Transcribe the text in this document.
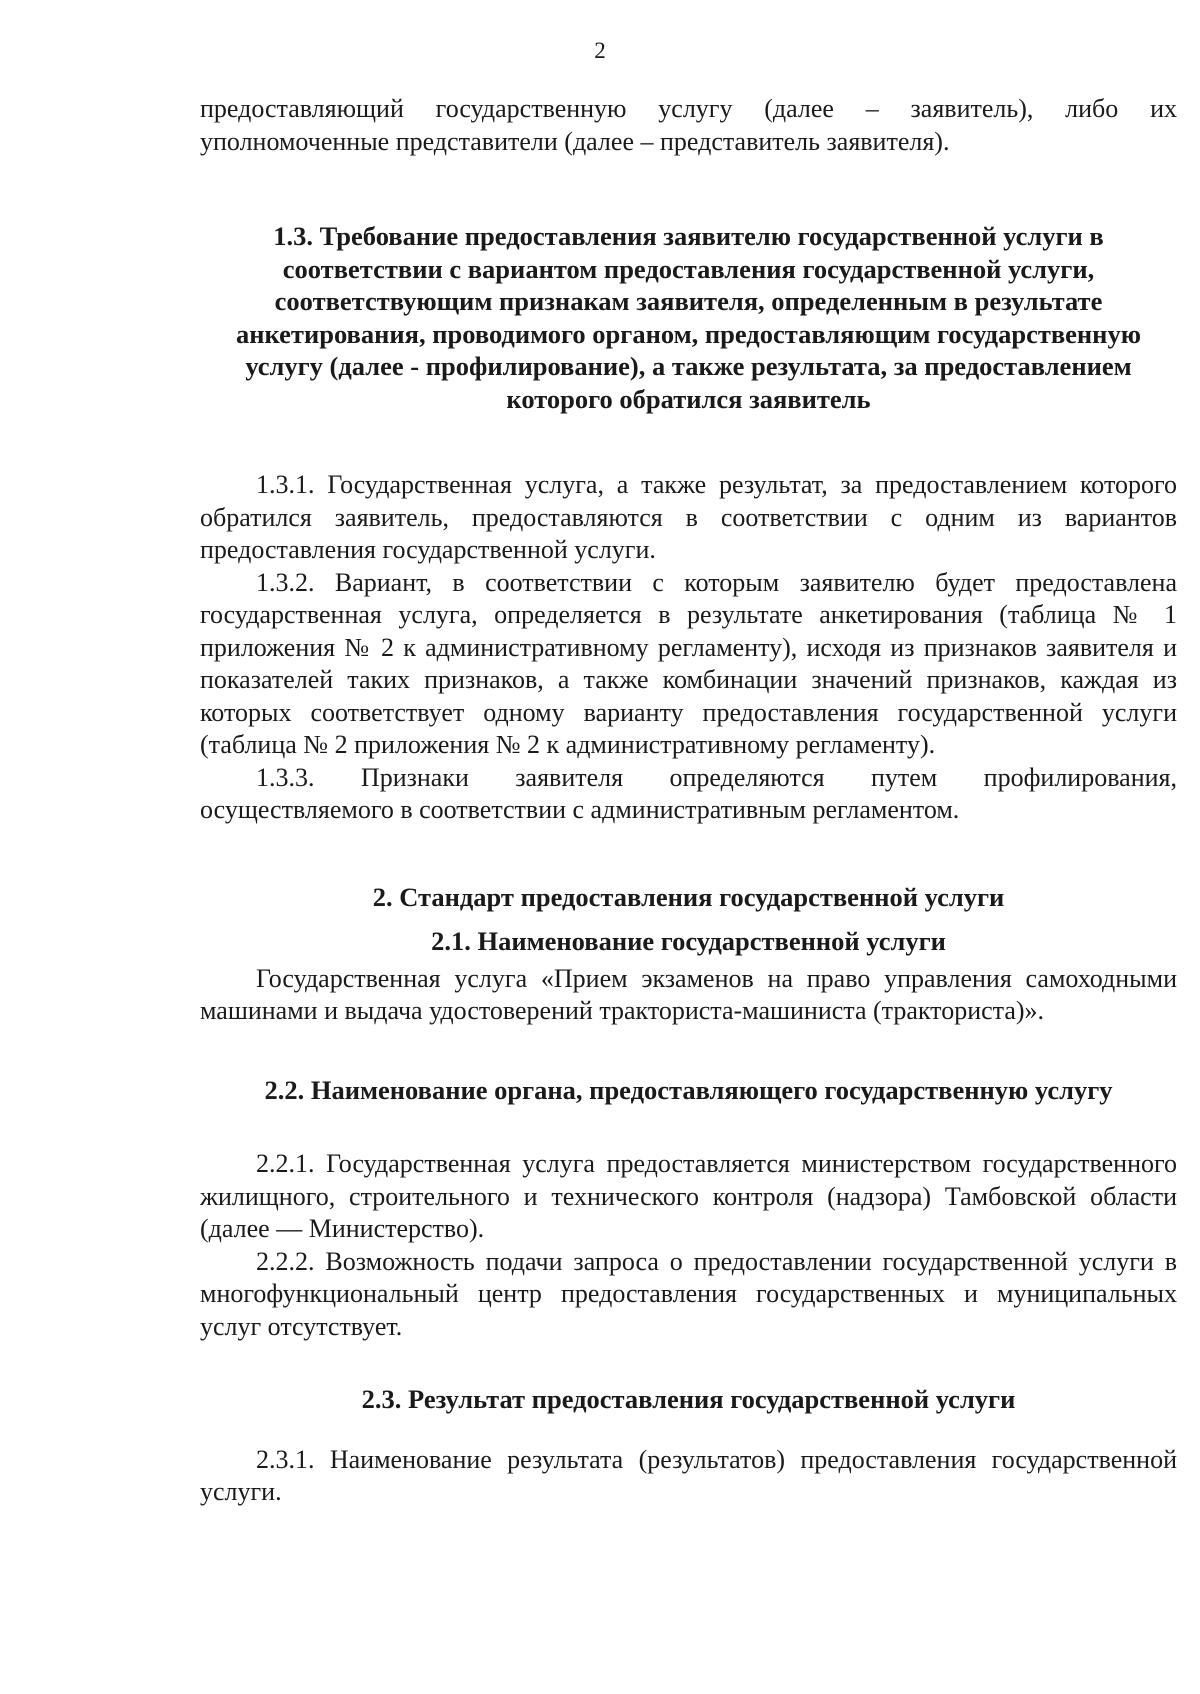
2

предоставляющий государственную услугу (далее – заявитель), либо их уполномоченные представители (далее – представитель заявителя).

1.3. Требование предоставления заявителю государственной услуги в соответствии с вариантом предоставления государственной услуги, соответствующим признакам заявителя, определенным в результате анкетирования, проводимого органом, предоставляющим государственную услугу (далее - профилирование), а также результата, за предоставлением которого обратился заявитель

1.3.1. Государственная услуга, а также результат, за предоставлением которого обратился заявитель, предоставляются в соответствии с одним из вариантов предоставления государственной услуги.

1.3.2. Вариант, в соответствии с которым заявителю будет предоставлена государственная услуга, определяется в результате анкетирования (таблица № 1 приложения № 2 к административному регламенту), исходя из признаков заявителя и показателей таких признаков, а также комбинации значений признаков, каждая из которых соответствует одному варианту предоставления государственной услуги (таблица № 2 приложения № 2 к административному регламенту).

1.3.3. Признаки заявителя определяются путем профилирования, осуществляемого в соответствии с административным регламентом.

2. Стандарт предоставления государственной услуги
2.1. Наименование государственной услуги

Государственная услуга «Прием экзаменов на право управления самоходными машинами и выдача удостоверений тракториста-машиниста (тракториста)».

2.2. Наименование органа, предоставляющего государственную услугу

2.2.1. Государственная услуга предоставляется министерством государственного жилищного, строительного и технического контроля (надзора) Тамбовской области (далее — Министерство).

2.2.2. Возможность подачи запроса о предоставлении государственной услуги в многофункциональный центр предоставления государственных и муниципальных услуг отсутствует.

2.3. Результат предоставления государственной услуги

2.3.1. Наименование результата (результатов) предоставления государственной услуги.
